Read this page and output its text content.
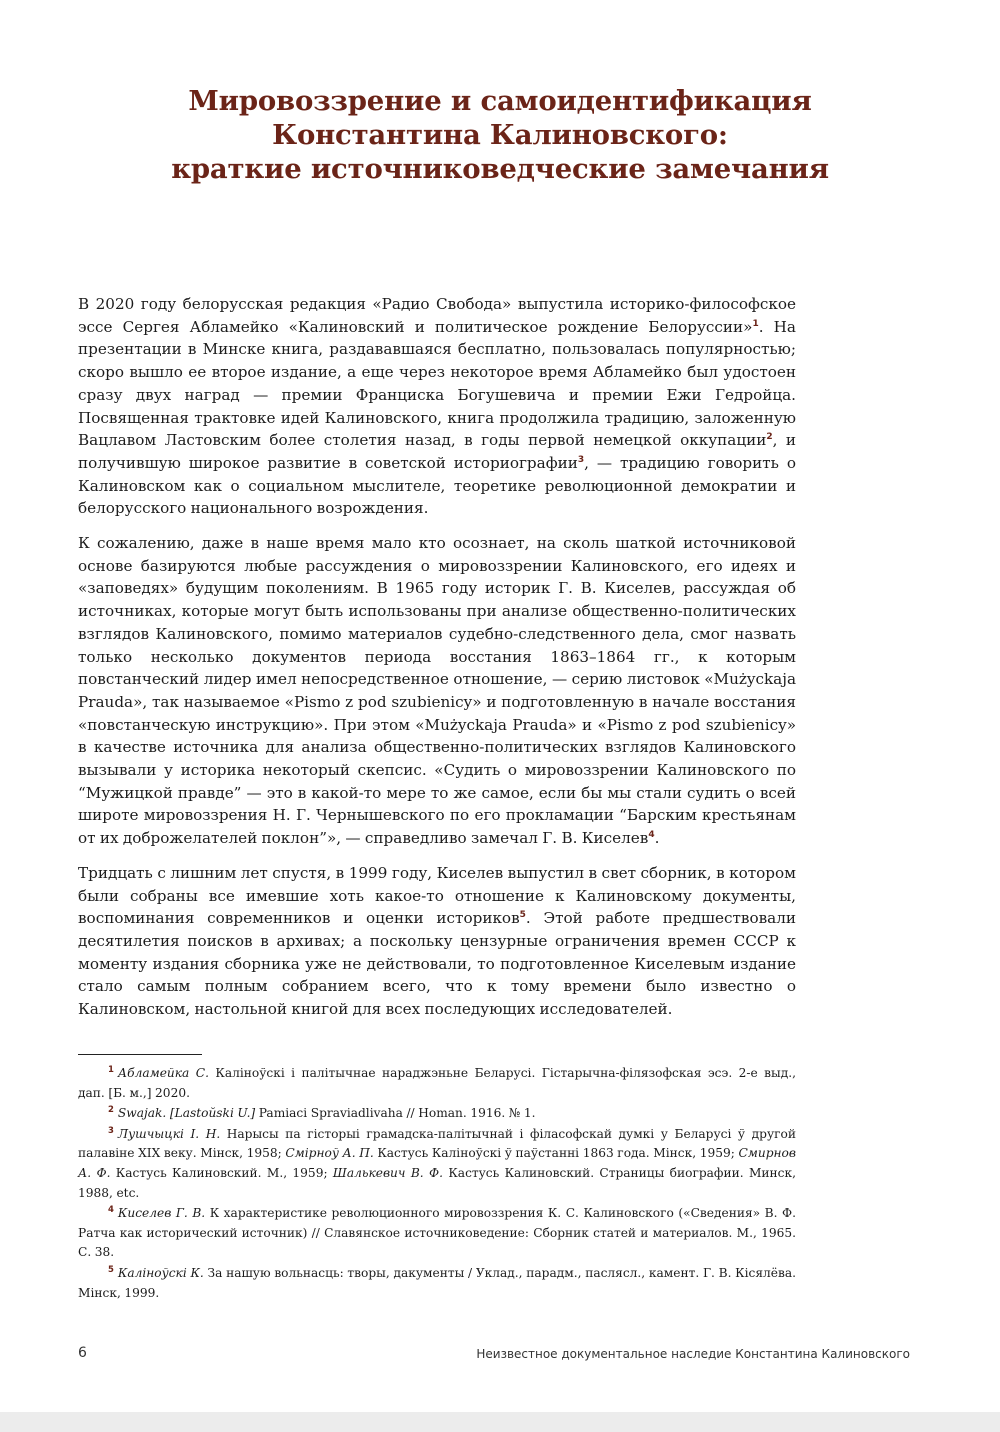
Мировоззрение и самоидентификация
Константина Калиновского:
краткие источниковедческие замечания

В 2020 году белорусская редакция «Радио Свобода» выпустила историко-философское эссе Сергея Абламейко «Калиновский и политическое рождение Белоруссии»$^1$. На презентации в Минске книга, раздававшаяся бесплатно, пользовалась популярностью; скоро вышло ее второе издание, а еще через некоторое время Абламейко был удостоен сразу двух наград — премии Франциска Богушевича и премии Ежи Гедройца. Посвященная трактовке идей Калиновского, книга продолжила традицию, заложенную Вацлавом Ластовским более столетия назад, в годы первой немецкой оккупации$^2$, и получившую широкое развитие в советской историографии$^3$, — традицию говорить о Калиновском как о социальном мыслителе, теоретике революционной демократии и белорусского национального возрождения.

К сожалению, даже в наше время мало кто осознает, на сколь шаткой источниковой основе базируются любые рассуждения о мировоззрении Калиновского, его идеях и «заповедях» будущим поколениям. В 1965 году историк Г. В. Киселев, рассуждая об источниках, которые могут быть использованы при анализе общественно-политических взглядов Калиновского, помимо материалов судебно-следственного дела, смог назвать только несколько документов периода восстания 1863–1864 гг., к которым повстанческий лидер имел непосредственное отношение, — серию листовок «Mużyckaja Prauda», так называемое «Pismo z pod szubienicy» и подготовленную в начале восстания «повстанческую инструкцию». При этом «Mużyckaja Prauda» и «Pismo z pod szubienicy» в качестве источника для анализа общественно-политических взглядов Калиновского вызывали у историка некоторый скепсис. «Судить о мировоззрении Калиновского по “Мужицкой правде” — это в какой-то мере то же самое, если бы мы стали судить о всей широте мировоззрения Н. Г. Чернышевского по его прокламации “Барским крестьянам от их доброжелателей поклон”», — справедливо замечал Г. В. Киселев$^4$.

Тридцать с лишним лет спустя, в 1999 году, Киселев выпустил в свет сборник, в котором были собраны все имевшие хоть какое-то отношение к Калиновскому документы, воспоминания современников и оценки историков$^5$. Этой работе предшествовали десятилетия поисков в архивах; а поскольку цензурные ограничения времен СССР к моменту издания сборника уже не действовали, то подготовленное Киселевым издание стало самым полным собранием всего, что к тому времени было известно о Калиновском, настольной книгой для всех последующих исследователей.

$^1$ Абламейка С. Каліноўскі і палітычнае нараджэньне Беларусі. Гістарычна-філязофская эсэ. 2-е выд., дап. [Б. м.,] 2020.

$^2$ Swajak. [Lastoŭski U.] Pamiaci Spraviadlivaha // Homan. 1916. № 1.

$^3$ Лушчыцкі І. Н. Нарысы па гісторыі грамадска-палітычнай і філасофскай думкі у Беларусі ў другой палавіне XIX веку. Мінск, 1958; Смірноў А. П. Кастусь Каліноўскі ў паўстанні 1863 года. Мінск, 1959; Смирнов А. Ф. Кастусь Калиновский. М., 1959; Шалькевич В. Ф. Кастусь Калиновский. Страницы биографии. Минск, 1988, etc.

$^4$ Киселев Г. В. К характеристике революционного мировоззрения К. С. Калиновского («Сведения» В. Ф. Ратча как исторический источник) // Славянское источниковедение: Сборник статей и материалов. М., 1965. С. 38.

$^5$ Каліноўскі К. За нашую вольнасць: творы, дакументы / Уклад., парадм., паслясл., камент. Г. В. Кісялёва. Мінск, 1999.

6	Неизвестное документальное наследие Константина Калиновского
